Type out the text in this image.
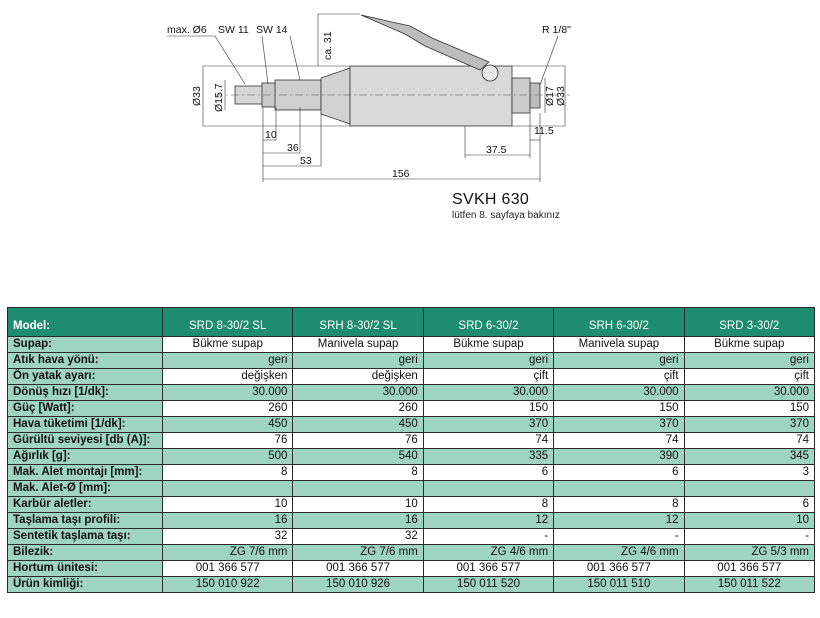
max. Ø6 SW 11 SW 14	R 1/8"
ca. 31
Ø33 Ø15.7	Ø17 Ø33
10
36
53
156
37.5
11.5
SVKH 630
lütfen 8. sayfaya bakınız
Model:	SRD 8-30/2 SL	SRH 8-30/2 SL	SRD 6-30/2	SRH 6-30/2	SRD 3-30/2
Supap:	Bükme supap	Manivela supap	Bükme supap	Manivela supap	Bükme supap
Atık hava yönü:	geri	geri	geri	geri	geri
Ön yatak ayarı:	değişken	değişken	çift	çift	çift
Dönüş hızı [1/dk]:	30.000	30.000	30.000	30.000	30.000
Güç [Watt]:	260	260	150	150	150
Hava tüketimi [1/dk]:	450	450	370	370	370
Gürültü seviyesi [db (A)]:	76	76	74	74	74
Ağırlık [g]:	500	540	335	390	345
Mak. Alet montajı [mm]:	8	8	6	6	3
Mak. Alet-Ø [mm]:					
Karbür aletler:	10	10	8	8	6
Taşlama taşı profili:	16	16	12	12	10
Sentetik taşlama taşı:	32	32	-	-	-
Bilezik:	ZG 7/6 mm	ZG 7/6 mm	ZG 4/6 mm	ZG 4/6 mm	ZG 5/3 mm
Hortum ünitesi:	001 366 577	001 366 577	001 366 577	001 366 577	001 366 577
Ürün kimliği:	150 010 922	150 010 926	150 011 520	150 011 510	150 011 522
